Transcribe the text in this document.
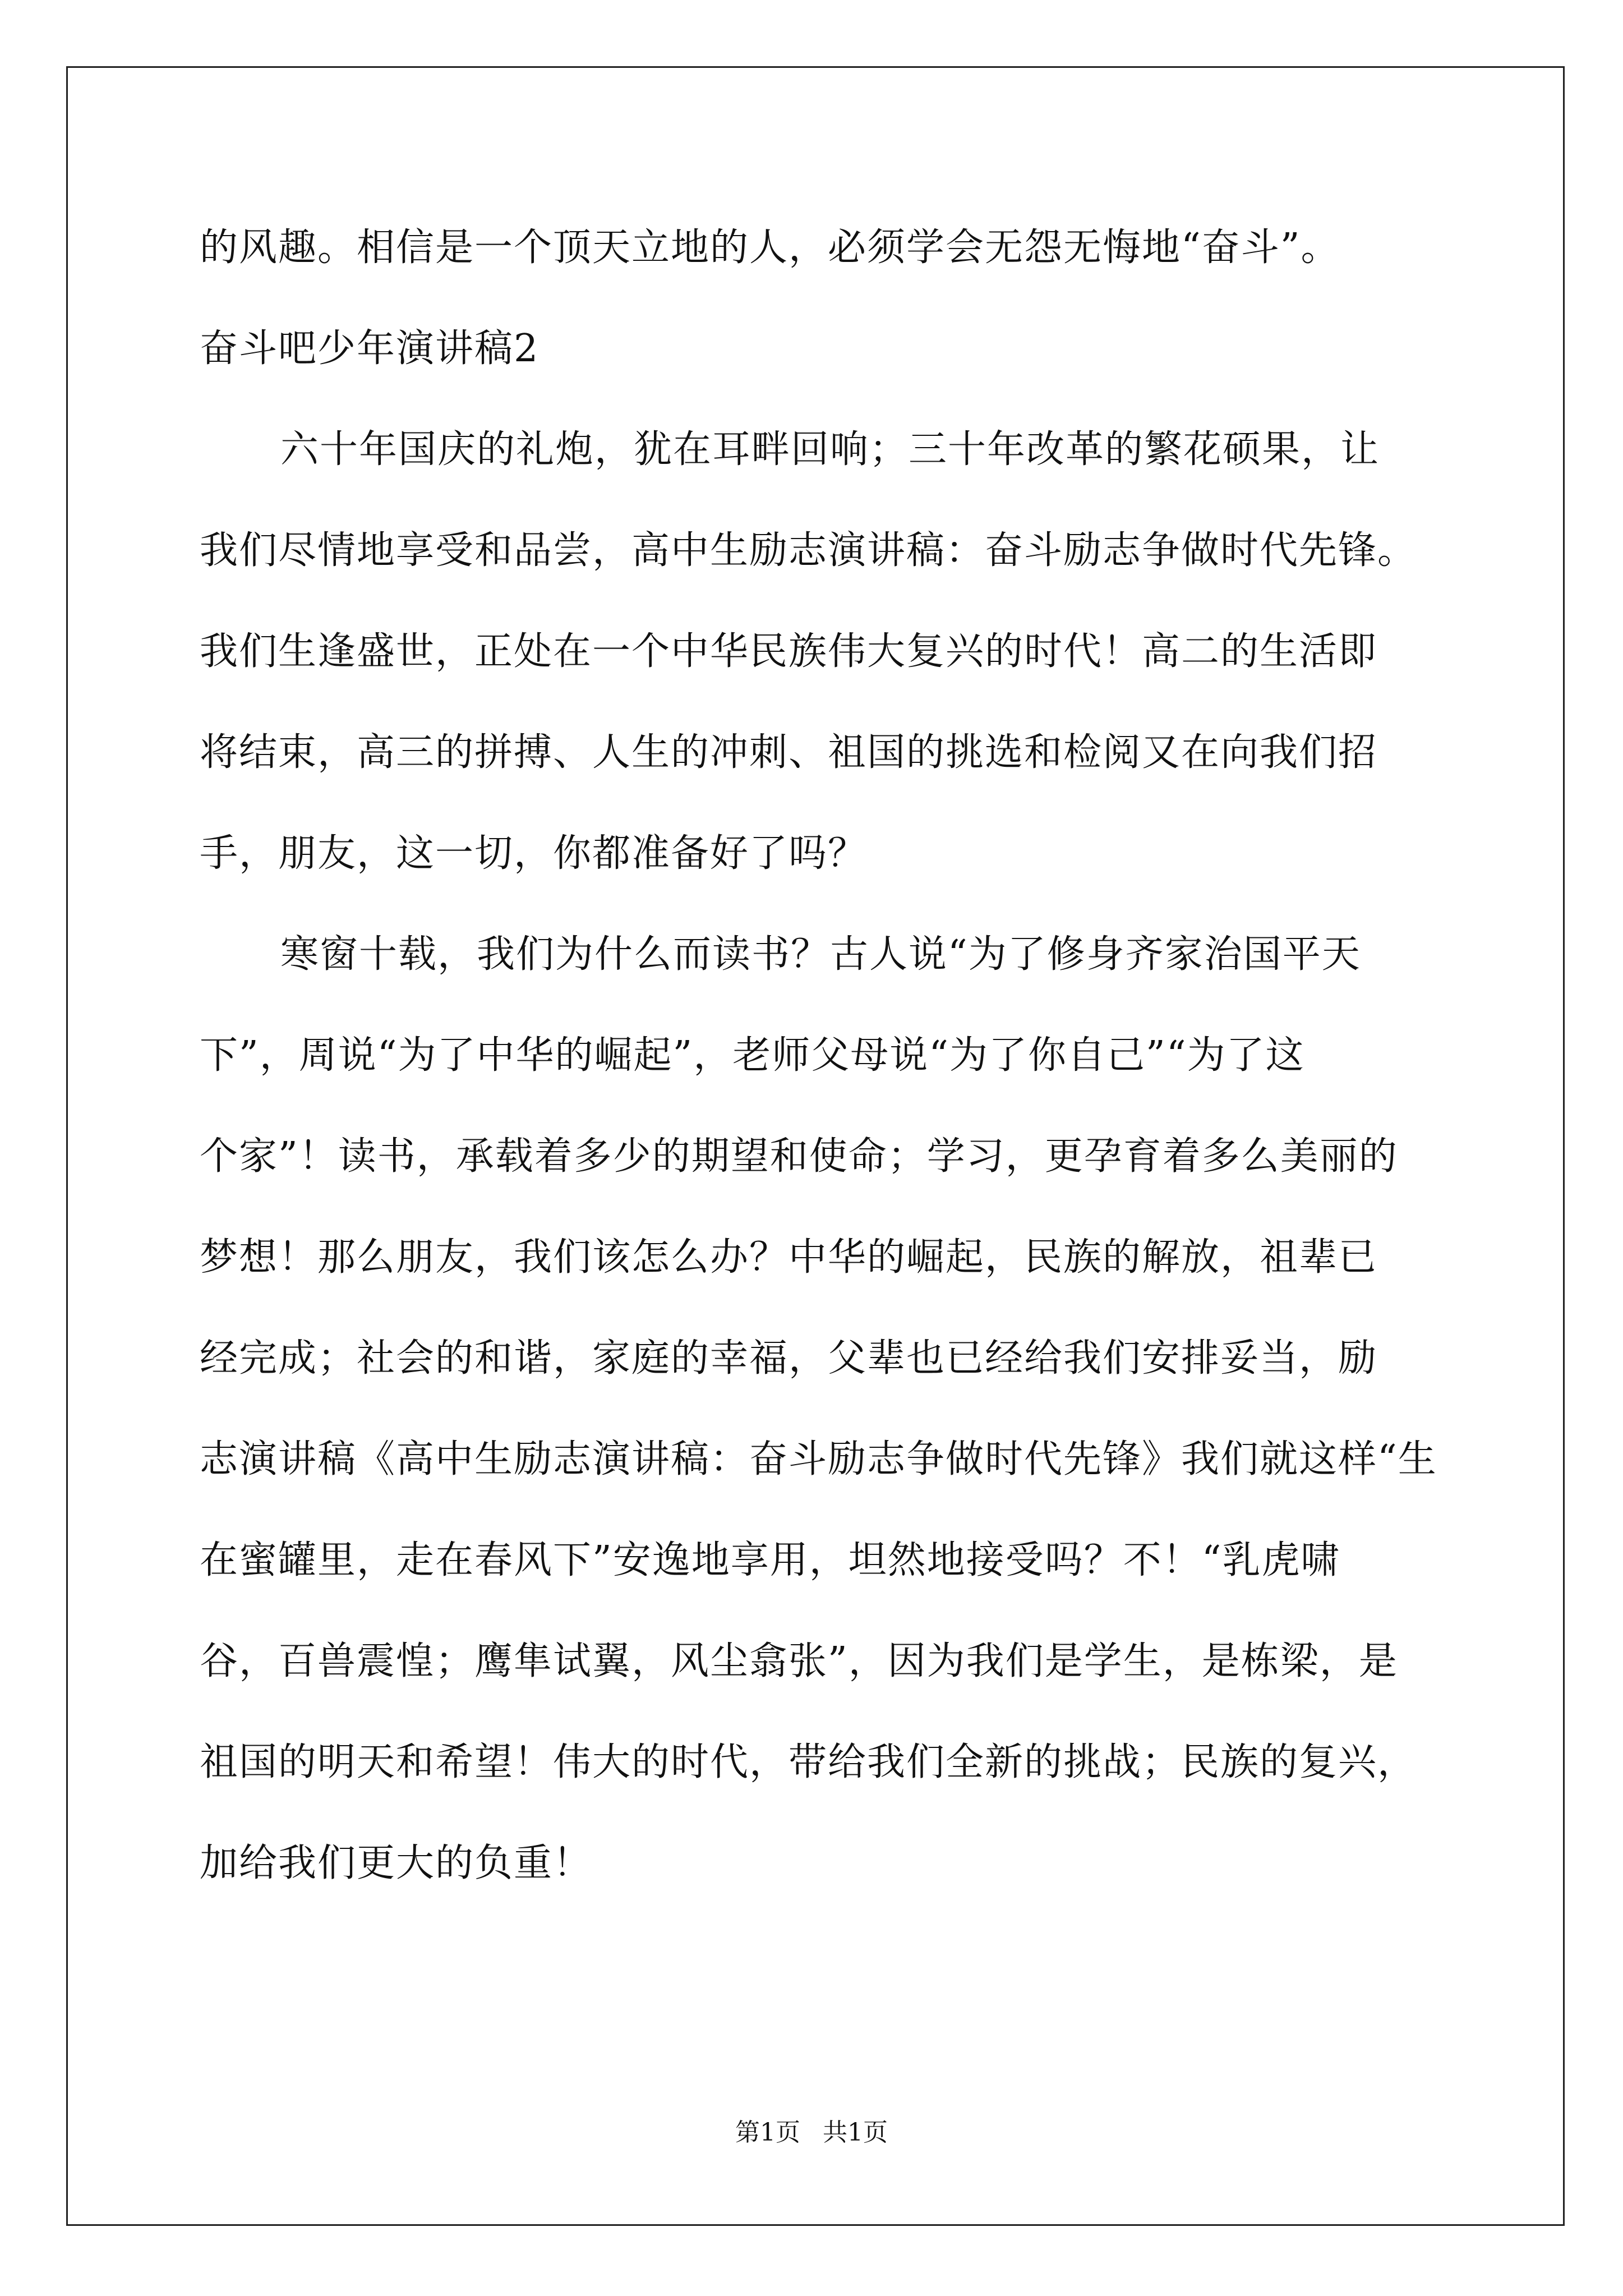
的风趣。相信是一个顶天立地的人，必须学会无怨无悔地“奋斗”。
奋斗吧少年演讲稿2
六十年国庆的礼炮，犹在耳畔回响；三十年改革的繁花硕果，让
我们尽情地享受和品尝，高中生励志演讲稿：奋斗励志争做时代先锋。
我们生逢盛世，正处在一个中华民族伟大复兴的时代！高二的生活即
将结束，高三的拼搏、人生的冲刺、祖国的挑选和检阅又在向我们招
手，朋友，这一切，你都准备好了吗？
寒窗十载，我们为什么而读书？古人说“为了修身齐家治国平天
下”，周说“为了中华的崛起”，老师父母说“为了你自己”“为了这
个家”！读书，承载着多少的期望和使命；学习，更孕育着多么美丽的
梦想！那么朋友，我们该怎么办？中华的崛起，民族的解放，祖辈已
经完成；社会的和谐，家庭的幸福，父辈也已经给我们安排妥当，励
志演讲稿《高中生励志演讲稿：奋斗励志争做时代先锋》我们就这样“生
在蜜罐里，走在春风下”安逸地享用，坦然地接受吗？不！“乳虎啸
谷，百兽震惶；鹰隼试翼，风尘翕张”，因为我们是学生，是栋梁，是
祖国的明天和希望！伟大的时代，带给我们全新的挑战；民族的复兴，
加给我们更大的负重！
第1页 共1页
